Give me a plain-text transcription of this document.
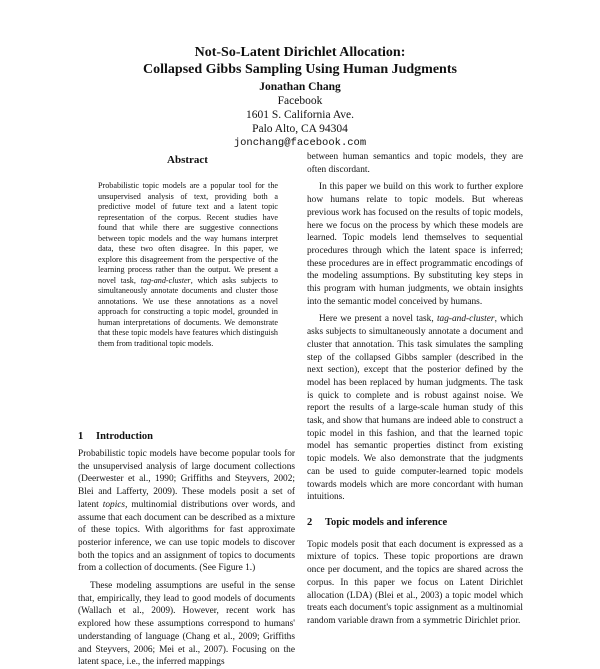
Not-So-Latent Dirichlet Allocation:
Collapsed Gibbs Sampling Using Human Judgments
Jonathan Chang
Facebook
1601 S. California Ave.
Palo Alto, CA 94304
jonchang@facebook.com
Abstract
Probabilistic topic models are a popular tool for the unsupervised analysis of text, providing both a predictive model of future text and a latent topic representation of the corpus. Recent studies have found that while there are suggestive connections between topic models and the way humans interpret data, these two often disagree. In this paper, we explore this disagreement from the perspective of the learning process rather than the output. We present a novel task, tag-and-cluster, which asks subjects to simultaneously annotate documents and cluster those annotations. We use these annotations as a novel approach for constructing a topic model, grounded in human interpretations of documents. We demonstrate that these topic models have features which distinguish them from traditional topic models.
1 Introduction

Probabilistic topic models have become popular tools for the unsupervised analysis of large document collections (Deerwester et al., 1990; Griffiths and Steyvers, 2002; Blei and Lafferty, 2009). These models posit a set of latent topics, multinomial distributions over words, and assume that each document can be described as a mixture of these topics. With algorithms for fast approximate posterior inference, we can use topic models to discover both the topics and an assignment of topics to documents from a collection of documents. (See Figure 1.)

These modeling assumptions are useful in the sense that, empirically, they lead to good models of documents (Wallach et al., 2009). However, recent work has explored how these assumptions correspond to humans' understanding of language (Chang et al., 2009; Griffiths and Steyvers, 2006; Mei et al., 2007). Focusing on the latent space, i.e., the inferred mappings

between human semantics and topic models, they are often discordant.

In this paper we build on this work to further explore how humans relate to topic models. But whereas previous work has focused on the results of topic models, here we focus on the process by which these models are learned. Topic models lend themselves to sequential procedures through which the latent space is inferred; these procedures are in effect programmatic encodings of the modeling assumptions. By substituting key steps in this program with human judgments, we obtain insights into the semantic model conceived by humans.

Here we present a novel task, tag-and-cluster, which asks subjects to simultaneously annotate a document and cluster that annotation. This task simulates the sampling step of the collapsed Gibbs sampler (described in the next section), except that the posterior defined by the model has been replaced by human judgments. The task is quick to complete and is robust against noise. We report the results of a large-scale human study of this task, and show that humans are indeed able to construct a topic model in this fashion, and that the learned topic model has semantic properties distinct from existing topic models. We also demonstrate that the judgments can be used to guide computer-learned topic models towards models which are more concordant with human intuitions.

2 Topic models and inference

Topic models posit that each document is expressed as a mixture of topics. These topic proportions are drawn once per document, and the topics are shared across the corpus. In this paper we focus on Latent Dirichlet allocation (LDA) (Blei et al., 2003) a topic model which treats each document's topic assignment as a multinomial random variable drawn from a symmetric Dirichlet prior.
